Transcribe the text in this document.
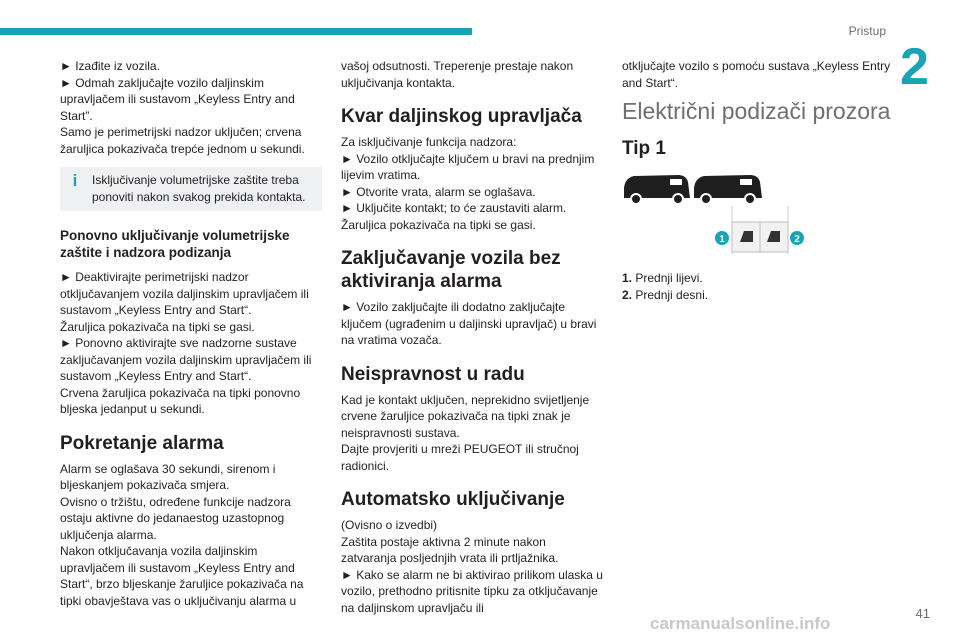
Pristup
2

► Izađite iz vozila.

► Odmah zaključajte vozilo daljinskim upravljačem ili sustavom „Keyless Entry and Start”.

Samo je perimetrijski nadzor uključen; crvena žaruljica pokazivača trepće jednom u sekundi.

i	Isključivanje volumetrijske zaštite treba ponoviti nakon svakog prekida kontakta.
Ponovno uključivanje volumetrijske zaštite i nadzora podizanja

► Deaktivirajte perimetrijski nadzor otključavanjem vozila daljinskim upravljačem ili sustavom „Keyless Entry and Start“.

Žaruljica pokazivača na tipki se gasi.

► Ponovno aktivirajte sve nadzorne sustave zaključavanjem vozila daljinskim upravljačem ili sustavom „Keyless Entry and Start“.

Crvena žaruljica pokazivača na tipki ponovno bljeska jedanput u sekundi.

Pokretanje alarma

Alarm se oglašava 30 sekundi, sirenom i bljeskanjem pokazivača smjera.

Ovisno o tržištu, određene funkcije nadzora ostaju aktivne do jedanaestog uzastopnog uključenja alarma.

Nakon otključavanja vozila daljinskim upravljačem ili sustavom „Keyless Entry and Start“, brzo bljeskanje žaruljice pokazivača na tipki obavještava vas o uključivanju alarma u

vašoj odsutnosti. Treperenje prestaje nakon uključivanja kontakta.

Kvar daljinskog upravljača

Za isključivanje funkcija nadzora:

► Vozilo otključajte ključem u bravi na prednjim lijevim vratima.

► Otvorite vrata, alarm se oglašava.

► Uključite kontakt; to će zaustaviti alarm.

Žaruljica pokazivača na tipki se gasi.

Zaključavanje vozila bez aktiviranja alarma

► Vozilo zaključajte ili dodatno zaključajte ključem (ugrađenim u daljinski upravljač) u bravi na vratima vozača.

Neispravnost u radu

Kad je kontakt uključen, neprekidno svijetljenje crvene žaruljice pokazivača na tipki znak je neispravnosti sustava.

Dajte provjeriti u mreži PEUGEOT ili stručnoj radionici.

Automatsko uključivanje

(Ovisno o izvedbi)

Zaštita postaje aktivna 2 minute nakon zatvaranja posljednjih vrata ili prtljažnika.

► Kako se alarm ne bi aktivirao prilikom ulaska u vozilo, prethodno pritisnite tipku za otključavanje na daljinskom upravljaču ili

otključajte vozilo s pomoću sustava „Keyless Entry and Start“.

Električni podizači prozora
Tip 1
1	2

1. Prednji lijevi.

2. Prednji desni.

41
carmanualsonline.info
